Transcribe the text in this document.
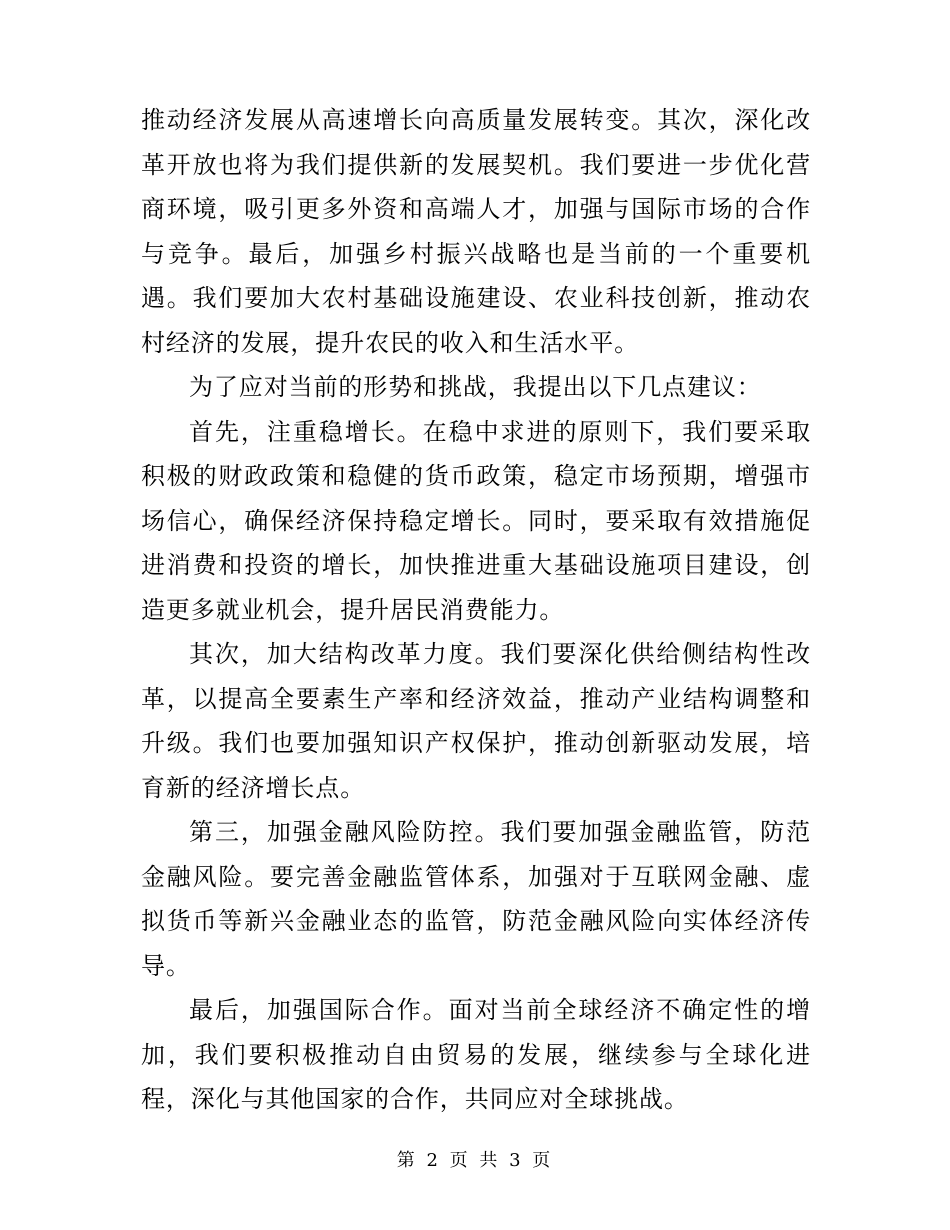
推动经济发展从高速增长向高质量发展转变。其次，深化改革开放也将为我们提供新的发展契机。我们要进一步优化营商环境，吸引更多外资和高端人才，加强与国际市场的合作与竞争。最后，加强乡村振兴战略也是当前的一个重要机遇。我们要加大农村基础设施建设、农业科技创新，推动农村经济的发展，提升农民的收入和生活水平。

为了应对当前的形势和挑战，我提出以下几点建议：

首先，注重稳增长。在稳中求进的原则下，我们要采取积极的财政政策和稳健的货币政策，稳定市场预期，增强市场信心，确保经济保持稳定增长。同时，要采取有效措施促进消费和投资的增长，加快推进重大基础设施项目建设，创造更多就业机会，提升居民消费能力。

其次，加大结构改革力度。我们要深化供给侧结构性改革，以提高全要素生产率和经济效益，推动产业结构调整和升级。我们也要加强知识产权保护，推动创新驱动发展，培育新的经济增长点。

第三，加强金融风险防控。我们要加强金融监管，防范金融风险。要完善金融监管体系，加强对于互联网金融、虚拟货币等新兴金融业态的监管，防范金融风险向实体经济传导。

最后，加强国际合作。面对当前全球经济不确定性的增加，我们要积极推动自由贸易的发展，继续参与全球化进程，深化与其他国家的合作，共同应对全球挑战。

第 2 页 共 3 页
